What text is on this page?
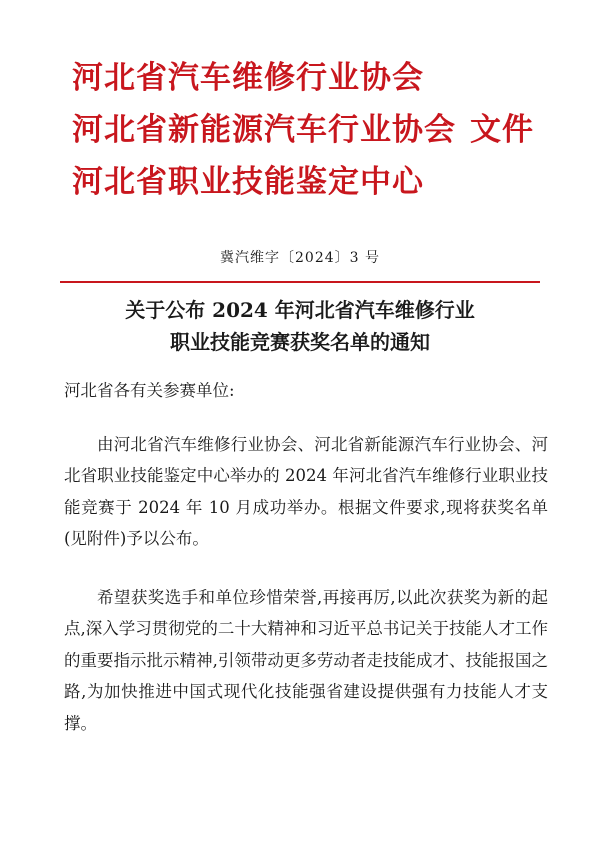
河北省汽车维修行业协会
河北省新能源汽车行业协会 文件
河北省职业技能鉴定中心
冀汽维字〔2024〕3 号
关于公布 2024 年河北省汽车维修行业
职业技能竞赛获奖名单的通知
河北省各有关参赛单位:

由河北省汽车维修行业协会、河北省新能源汽车行业协会、河北省职业技能鉴定中心举办的 2024 年河北省汽车维修行业职业技能竞赛于 2024 年 10 月成功举办。根据文件要求,现将获奖名单(见附件)予以公布。

希望获奖选手和单位珍惜荣誉,再接再厉,以此次获奖为新的起点,深入学习贯彻党的二十大精神和习近平总书记关于技能人才工作的重要指示批示精神,引领带动更多劳动者走技能成才、技能报国之路,为加快推进中国式现代化技能强省建设提供强有力技能人才支撑。
